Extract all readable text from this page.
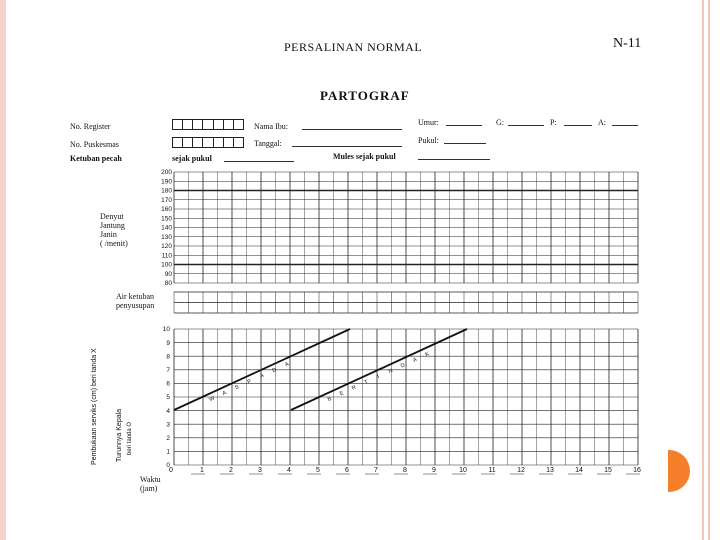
PERSALINAN NORMAL	N-11
PARTOGRAF
No. Register
No. Puskesmas
Nama Ibu:
Tanggal:
Umur:	G:	P:	A:
Pukul:
Ketuban pecah	sejak pukul	Mules sejak pukul
Denyut
Jantung
Janin
( /menit)
Air ketuban
penyusupan
Waktu
(jam)
200
190
180
170
160
150
140
130
120
110
100
90
80
10
9
8
7
6
5
4
3
2
1
0
0	1	2	3	4	5	6	7	8	9	10	11	12	13	14	15	16
Pembukaan serviks (cm) beri tanda X	Turunnya Kepala beri tanda O
W
A
S
P
A
D
A
B
E
R
T
I
N
D
A
K
